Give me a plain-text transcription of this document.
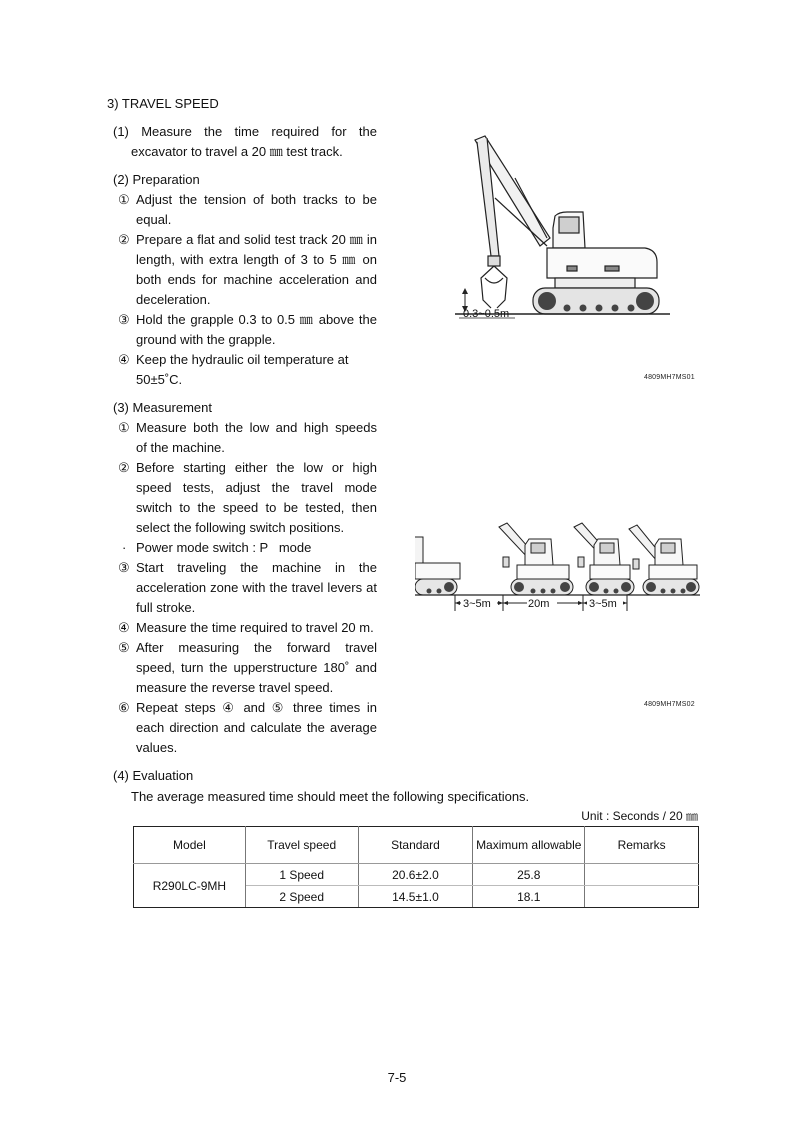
3) TRAVEL SPEED
(1) Measure the time required for the
excavator to travel a 20 ㎜ test track.
(2) Preparation
① Adjust the tension of both tracks to be
equal.
② Prepare a flat and solid test track 20 ㎜ in
length, with extra length of 3 to 5 ㎜ on
both ends for machine acceleration and
deceleration.
③ Hold the grapple 0.3 to 0.5 ㎜ above the
ground with the grapple.
④ Keep the hydraulic oil temperature at
50±5˚C.
(3) Measurement
① Measure both the low and high speeds
of the machine.
② Before starting either the low or high
speed tests, adjust the travel mode
switch to the speed to be tested, then
select the following switch positions.
· Power mode switch : P   mode
③ Start traveling the machine in the
acceleration zone with the travel levers at
full stroke.
④ Measure the time required to travel 20 m.
⑤ After measuring the forward travel
speed, turn the upperstructure 180˚ and
measure the reverse travel speed.
⑥ Repeat steps ④ and ⑤ three times in
each direction and calculate the average
values.
(4) Evaluation
The average measured time should meet the following specifications.
0.3~0.5m
4809MH7MS01
3~5m	20m	3~5m
4809MH7MS02
Unit : Seconds / 20 ㎜
Model	Travel speed	Standard	Maximum allowable	Remarks
R290LC-9MH	1 Speed	20.6±2.0	25.8	
	2 Speed	14.5±1.0	18.1	
7-5
